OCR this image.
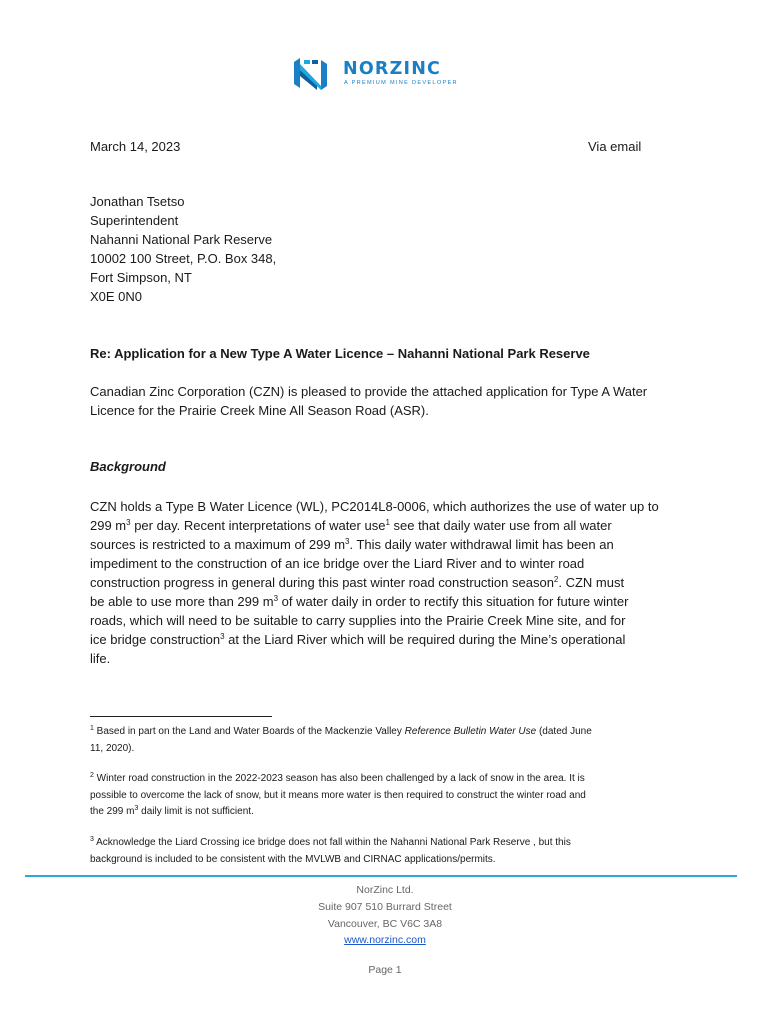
NORZINC
A PREMIUM MINE DEVELOPER
March 14, 2023	Via email
Jonathan Tsetso
Superintendent
Nahanni National Park Reserve
10002 100 Street, P.O. Box 348,
Fort Simpson, NT
X0E 0N0
Re: Application for a New Type A Water Licence – Nahanni National Park Reserve
Canadian Zinc Corporation (CZN) is pleased to provide the attached application for Type A Water
Licence for the Prairie Creek Mine All Season Road (ASR).
Background
CZN holds a Type B Water Licence (WL), PC2014L8-0006, which authorizes the use of water up to
299 $m^3$ per day. Recent interpretations of water use$^1$ see that daily water use from all water
sources is restricted to a maximum of 299 $m^3$. This daily water withdrawal limit has been an
impediment to the construction of an ice bridge over the Liard River and to winter road
construction progress in general during this past winter road construction season$^2$. CZN must
be able to use more than 299 $m^3$ of water daily in order to rectify this situation for future winter
roads, which will need to be suitable to carry supplies into the Prairie Creek Mine site, and for
ice bridge construction$^3$ at the Liard River which will be required during the Mine’s operational
life.
$^1$ Based in part on the Land and Water Boards of the Mackenzie Valley Reference Bulletin Water Use (dated June
11, 2020).
$^2$ Winter road construction in the 2022-2023 season has also been challenged by a lack of snow in the area. It is
possible to overcome the lack of snow, but it means more water is then required to construct the winter road and
the 299 $m^3$ daily limit is not sufficient.
$^3$ Acknowledge the Liard Crossing ice bridge does not fall within the Nahanni National Park Reserve , but this
background is included to be consistent with the MVLWB and CIRNAC applications/permits.
NorZinc Ltd.
Suite 907 510 Burrard Street
Vancouver, BC V6C 3A8
www.norzinc.com
Page 1
